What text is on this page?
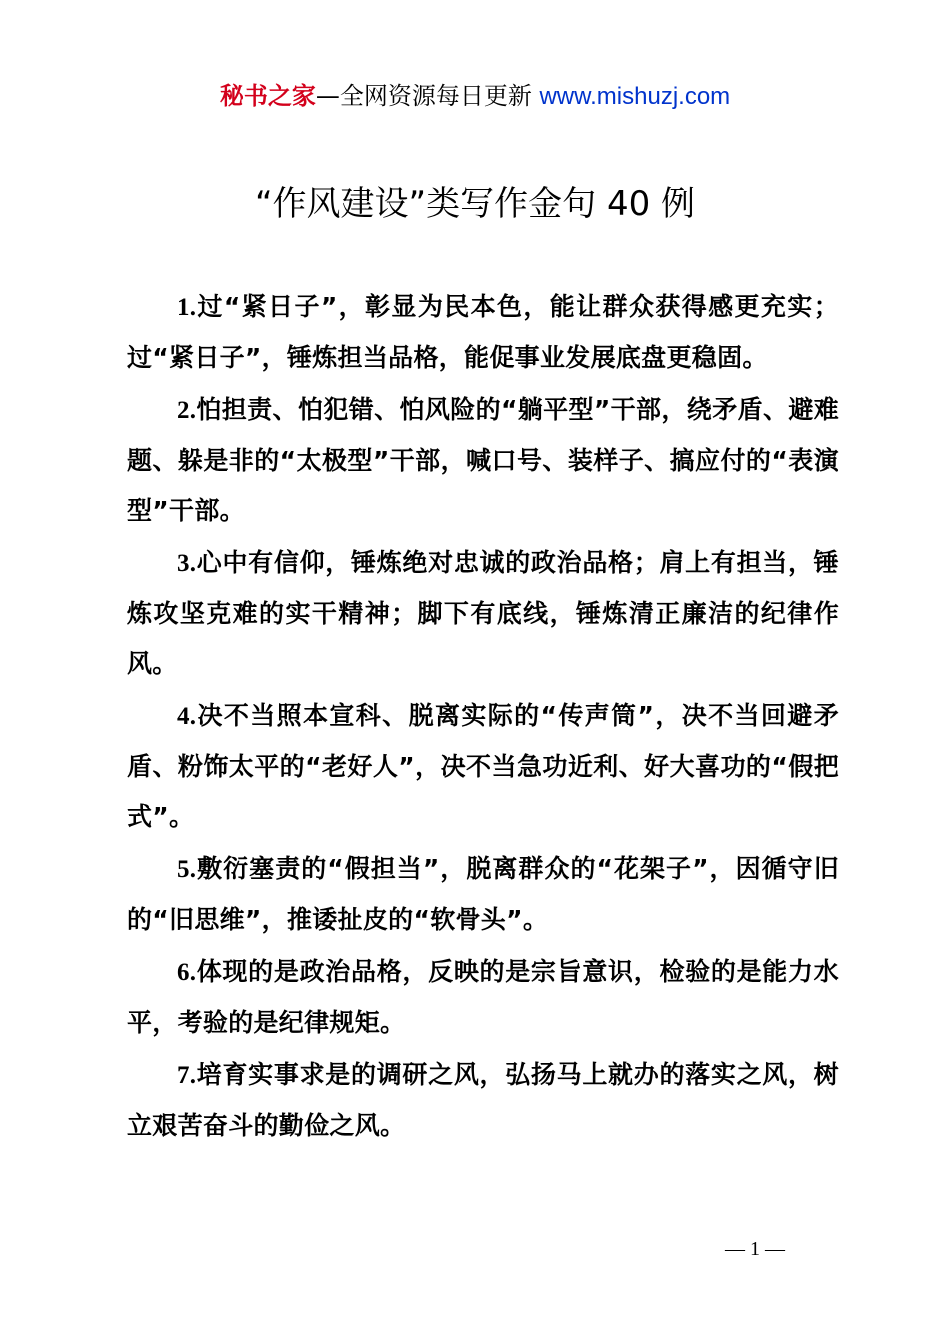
秘书之家—全网资源每日更新 www.mishuzj.com
“作风建设”类写作金句 40 例

1.过“紧日子”，彰显为民本色，能让群众获得感更充实；过“紧日子”，锤炼担当品格，能促事业发展底盘更稳固。

2.怕担责、怕犯错、怕风险的“躺平型”干部，绕矛盾、避难题、躲是非的“太极型”干部，喊口号、装样子、搞应付的“表演型”干部。

3.心中有信仰，锤炼绝对忠诚的政治品格；肩上有担当，锤炼攻坚克难的实干精神；脚下有底线，锤炼清正廉洁的纪律作风。

4.决不当照本宣科、脱离实际的“传声筒”，决不当回避矛盾、粉饰太平的“老好人”，决不当急功近利、好大喜功的“假把式”。

5.敷衍塞责的“假担当”，脱离群众的“花架子”，因循守旧的“旧思维”，推诿扯皮的“软骨头”。

6.体现的是政治品格，反映的是宗旨意识，检验的是能力水平，考验的是纪律规矩。

7.培育实事求是的调研之风，弘扬马上就办的落实之风，树立艰苦奋斗的勤俭之风。

— 1 —
